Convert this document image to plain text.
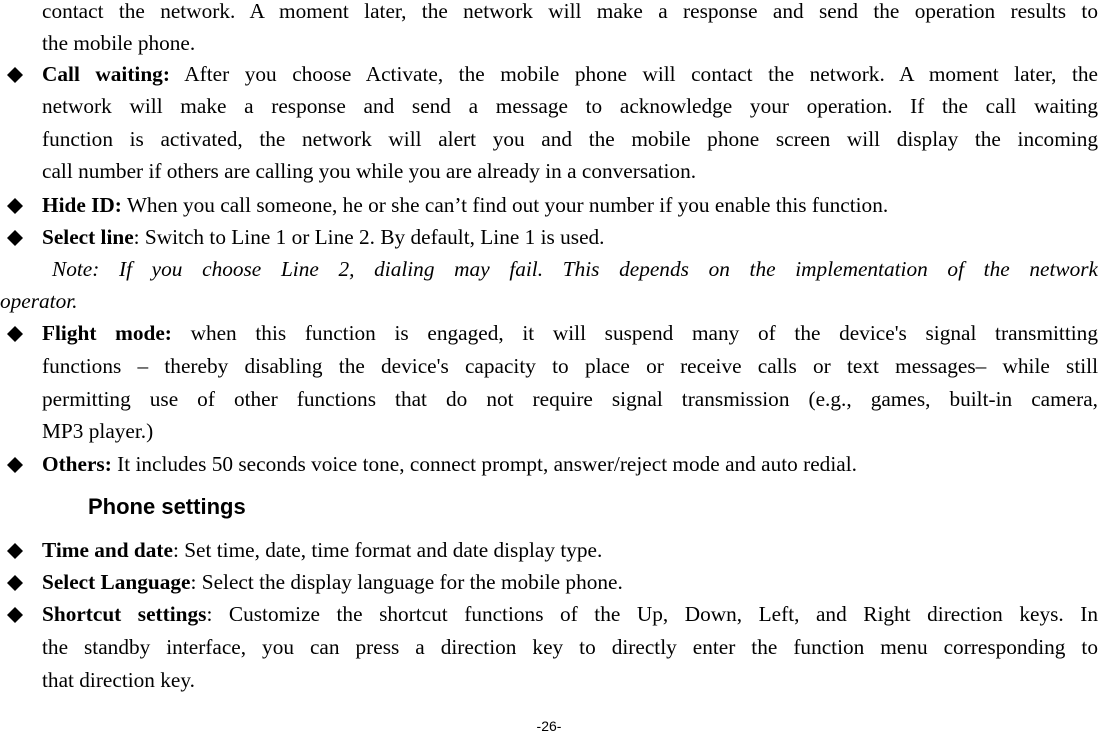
contact the network. A moment later, the network will make a response and send the operation results to
the mobile phone.
Call waiting: After you choose Activate, the mobile phone will contact the network. A moment later, the
network will make a response and send a message to acknowledge your operation. If the call waiting
function is activated, the network will alert you and the mobile phone screen will display the incoming
call number if others are calling you while you are already in a conversation.
Hide ID: When you call someone, he or she can’t find out your number if you enable this function.
Select line: Switch to Line 1 or Line 2. By default, Line 1 is used.
Note: If you choose Line 2, dialing may fail. This depends on the implementation of the network
operator.
Flight mode: when this function is engaged, it will suspend many of the device's signal transmitting
functions – thereby disabling the device's capacity to place or receive calls or text messages– while still
permitting use of other functions that do not require signal transmission (e.g., games, built-in camera,
MP3 player.)
Others: It includes 50 seconds voice tone, connect prompt, answer/reject mode and auto redial.
Phone settings
Time and date: Set time, date, time format and date display type.
Select Language: Select the display language for the mobile phone.
Shortcut settings: Customize the shortcut functions of the Up, Down, Left, and Right direction keys. In
the standby interface, you can press a direction key to directly enter the function menu corresponding to
that direction key.
-26-
